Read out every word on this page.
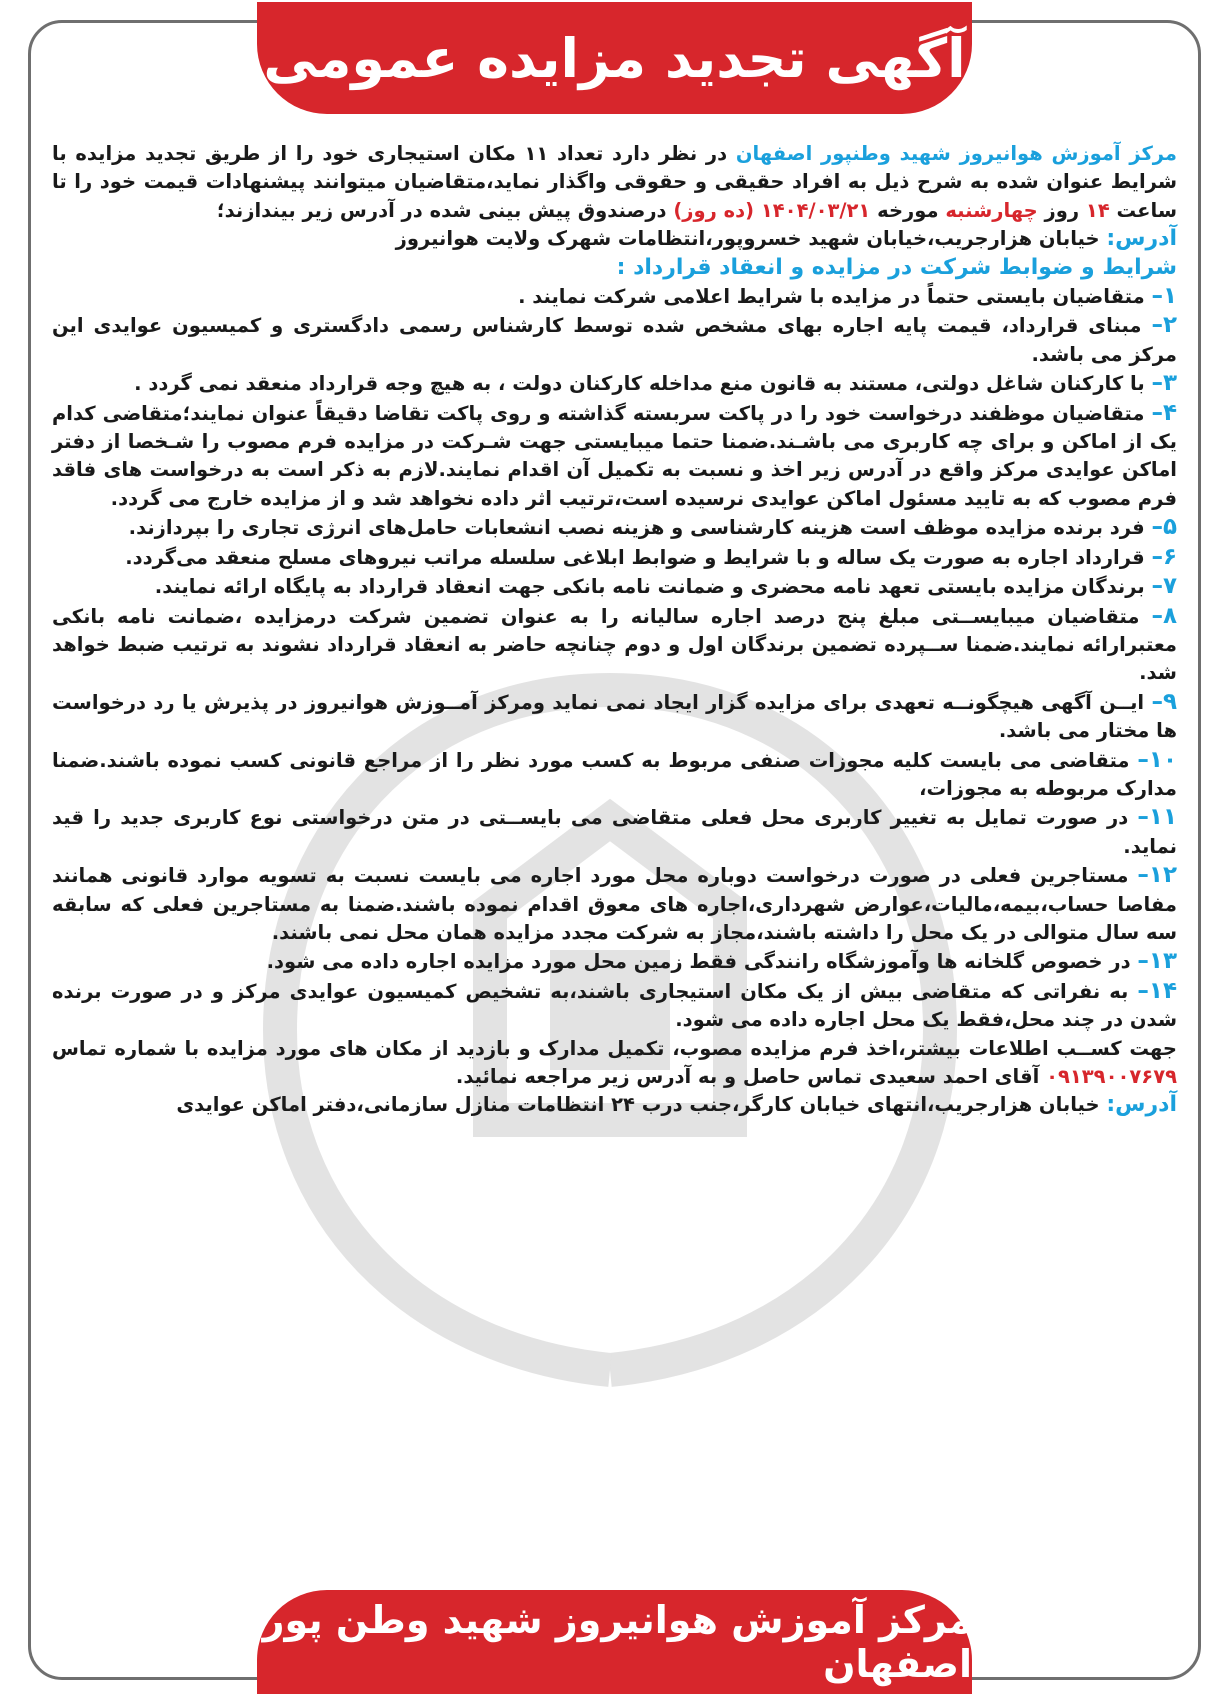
آگهی تجدید مزایده عمومی

مرکز آموزش هوانیروز شهید وطنپور اصفهان در نظر دارد تعداد ۱۱ مکان استیجاری خود را از طریق تجدید مزایده با شرایط عنوان شده به شرح ذیل به افراد حقیقی و حقوقی واگذار نماید،متقاضیان میتوانند پیشنهادات قیمت خود را تا ساعت ۱۴ روز چهارشنبه مورخه ۱۴۰۴/۰۳/۲۱ (ده روز) درصندوق پیش بینی شده در آدرس زیر بیندازند؛

آدرس: خیابان هزارجریب،خیابان شهید خسروپور،انتظامات شهرک ولایت هوانیروز

شرایط و ضوابط شرکت در مزایده و انعقاد قرارداد :

۱– متقاضیان بایستی حتماً در مزایده با شرایط اعلامی شرکت نمایند .

۲– مبنای قرارداد، قیمت پایه اجاره بهای مشخص شده توسط کارشناس رسمی دادگستری و کمیسیون عوایدی این مرکز می باشد.

۳– با کارکنان شاغل دولتی، مستند به قانون منع مداخله کارکنان دولت ، به هیچ وجه قرارداد منعقد نمی گردد .

۴– متقاضیان موظفند درخواست خود را در پاکت سربسته گذاشته و روی پاکت تقاضا دقیقاً عنوان نمایند؛متقاضی کدام یک از اماکن و برای چه کاربری می باشـند.ضمنا حتما میبایستی جهت شـرکت در مزایده فرم مصوب را شـخصا از دفتر اماکن عوایدی مرکز واقع در آدرس زیر اخذ و نسبت به تکمیل آن اقدام نمایند.لازم به ذکر است به درخواست های فاقد فرم مصوب که به تایید مسئول اماکن عوایدی نرسیده است،ترتیب اثر داده نخواهد شد و از مزایده خارج می گردد.

۵– فرد برنده مزایده موظف است هزینه کارشناسی و هزینه نصب انشعابات حامل‌های انرژی تجاری را بپردازند.

۶– قرارداد اجاره به صورت یک ساله و با شرایط و ضوابط ابلاغی سلسله مراتب نیروهای مسلح منعقد می‌گردد.

۷– برندگان مزایده بایستی تعهد نامه محضری و ضمانت نامه بانکی جهت انعقاد قرارداد به پایگاه ارائه نمایند.

۸– متقاضیان میبایســتی مبلغ پنج درصد اجاره سالیانه را به عنوان تضمین شرکت درمزایده ،ضمانت نامه بانکی معتبرارائه نمایند.ضمنا ســپرده تضمین برندگان اول و دوم چنانچه حاضر به انعقاد قرارداد نشوند به ترتیب ضبط خواهد شد.

۹– ایــن آگهی هیچگونــه تعهدی برای مزایده گزار ایجاد نمی نماید ومرکز آمــوزش هوانیروز در پذیرش یا رد درخواست ها مختار می باشد.

۱۰– متقاضی می بایست کلیه مجوزات صنفی مربوط به کسب مورد نظر را از مراجع قانونی کسب نموده باشند.ضمنا مدارک مربوطه به مجوزات،

۱۱– در صورت تمایل به تغییر کاربری محل فعلی متقاضی می بایســتی در متن درخواستی نوع کاربری جدید را قید نماید.

۱۲– مستاجرین فعلی در صورت درخواست دوباره محل مورد اجاره می بایست نسبت به تسویه موارد قانونی همانند مفاصا حساب،بیمه،مالیات،عوارض شهرداری،اجاره های معوق اقدام نموده باشند.ضمنا به مستاجرین فعلی که سابقه سه سال متوالی در یک محل را داشته باشند،مجاز به شرکت مجدد مزایده همان محل نمی باشند.

۱۳– در خصوص گلخانه ها وآموزشگاه رانندگی فقط زمین محل مورد مزایده اجاره داده می شود.

۱۴– به نفراتی که متقاضی بیش از یک مکان استیجاری باشند،به تشخیص کمیسیون عوایدی مرکز و در صورت برنده شدن در چند محل،فقط یک محل اجاره داده می شود.

جهت کســب اطلاعات بیشتر،اخذ فرم مزایده مصوب، تکمیل مدارک و بازدید از مکان های مورد مزایده با شماره تماس ۰۹۱۳۹۰۰۷۶۷۹ آقای احمد سعیدی تماس حاصل و به آدرس زیر مراجعه نمائید.

آدرس: خیابان هزارجریب،انتهای خیابان کارگر،جنب درب ۲۴ انتظامات منازل سازمانی،دفتر اماکن عوایدی

مرکز آموزش هوانیروز شهید وطن پور اصفهان
